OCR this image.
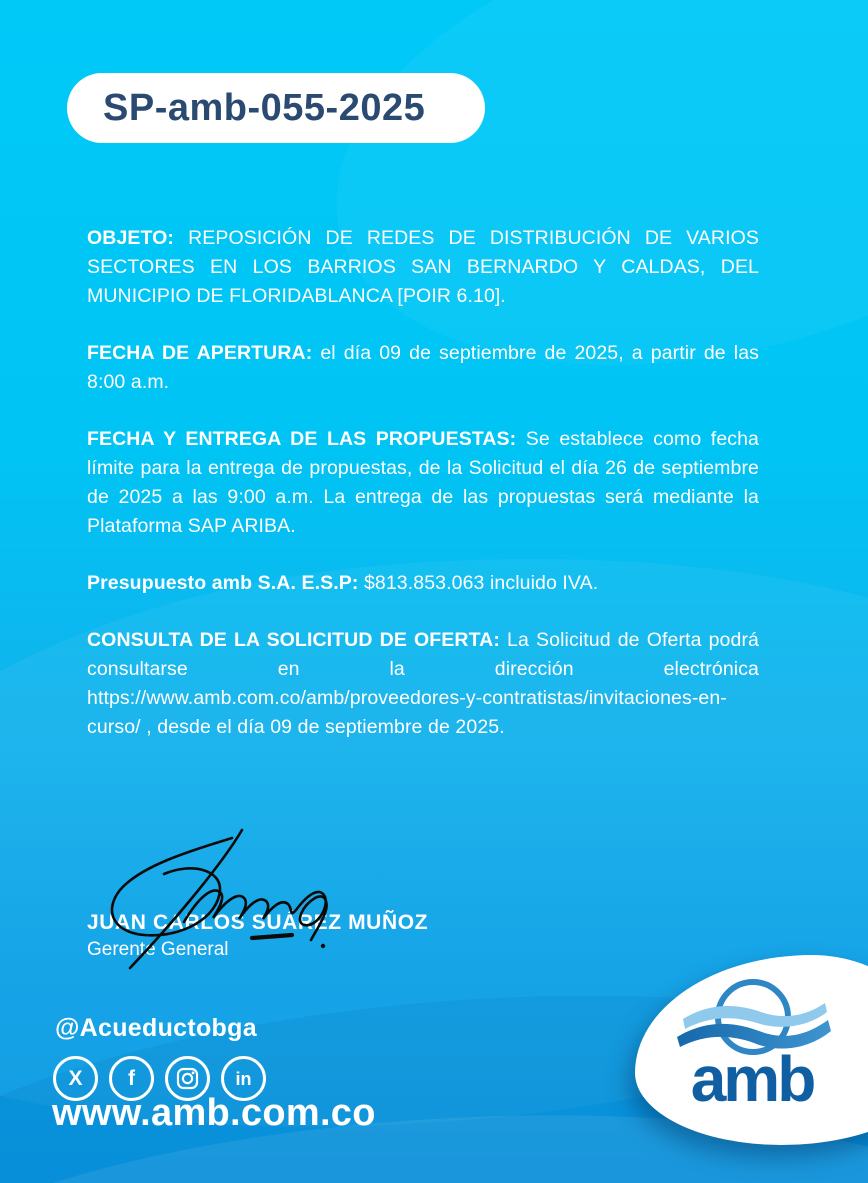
SP-amb-055-2025

OBJETO: REPOSICIÓN DE REDES DE DISTRIBUCIÓN DE VARIOS SECTORES EN LOS BARRIOS SAN BERNARDO Y CALDAS, DEL MUNICIPIO DE FLORIDABLANCA [POIR 6.10].

FECHA DE APERTURA: el día 09 de septiembre de 2025, a partir de las 8:00 a.m.

FECHA Y ENTREGA DE LAS PROPUESTAS: Se establece como fecha límite para la entrega de propuestas, de la Solicitud el día 26 de septiembre de 2025 a las 9:00 a.m. La entrega de las propuestas será mediante la Plataforma SAP ARIBA.

Presupuesto amb S.A. E.S.P: $813.853.063 incluido IVA.

CONSULTA DE LA SOLICITUD DE OFERTA: La Solicitud de Oferta podrá consultarse en la dirección electrónica https://www.amb.com.co/amb/proveedores-y-contratistas/invitaciones-en-curso/ , desde el día 09 de septiembre de 2025.

JUAN CARLOS SUÁREZ MUÑOZ
Gerente General
@Acueductobga
X f	in
www.amb.com.co	amb
